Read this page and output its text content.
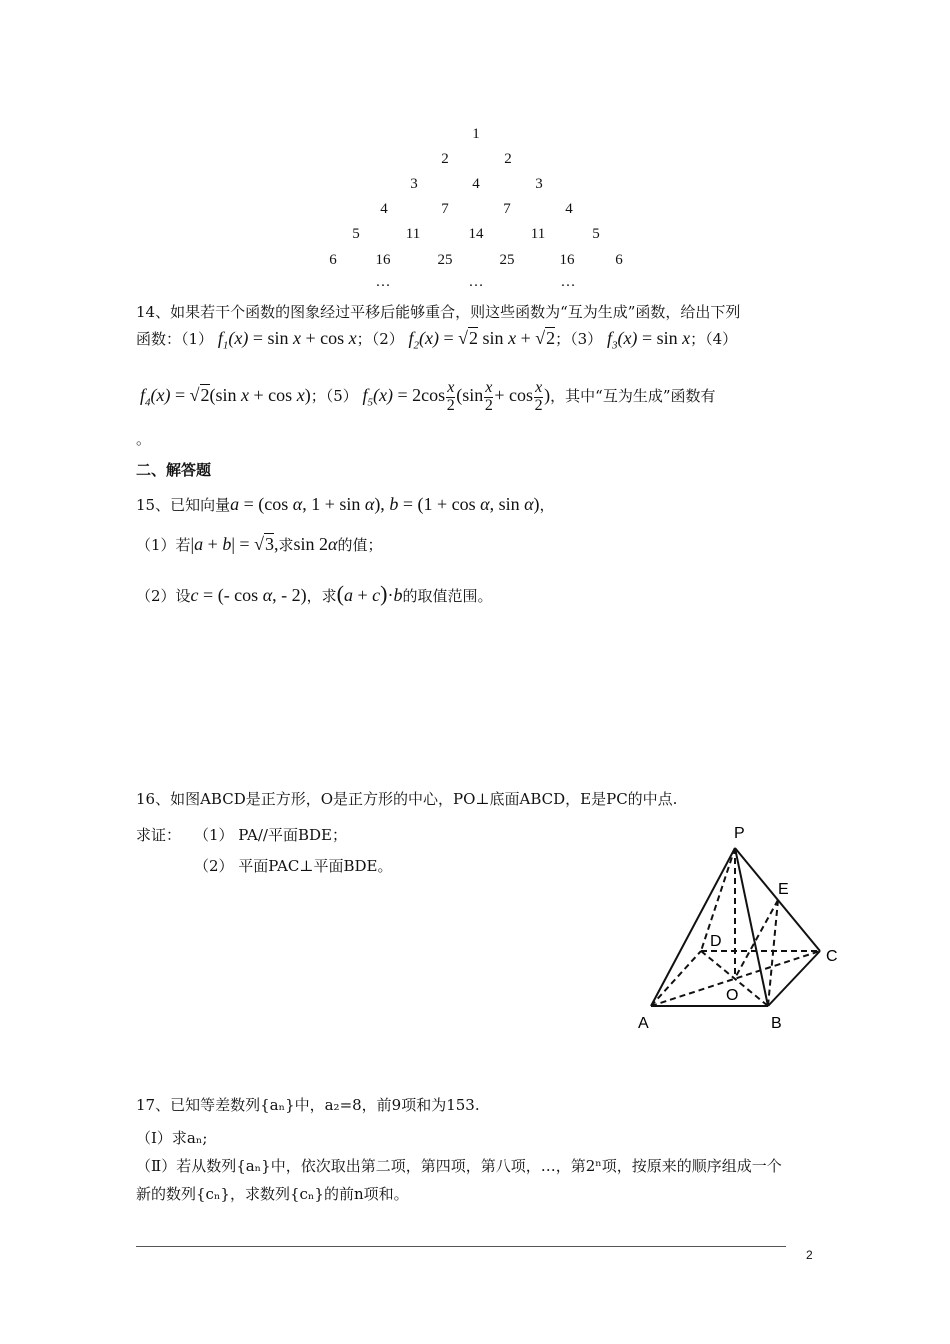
1
2	2
3	4	3
4	7	7	4
5	11	14	11	5
6	16	25	25	16	6
…	…	…
14、如果若干个函数的图象经过平移后能够重合，则这些函数为“互为生成”函数，给出下列
函数：（1） $f_1(x) = \sin x + \cos x$；（2） $f_2(x) = √2$ sin x + √2；（3） $f_3(x) = \sin x$；（4）
$f_4(x) = √2(\sin$ x + cos x)；（5） $f_5(x) = 2\cos \frac{x}{2} (\sin \frac{x}{2} + \cos \frac{x}{2}$ )，其中“互为生成”函数有
。
二、解答题
15、已知向量a = (cos α, 1 + sin α), b = (1 + cos α, sin α)，
（1）若|a + b| = √3,求sin 2α的值；
（2）设c = (- cos α, - 2)，求(a + c)·b的取值范围。
16、如图ABCD是正方形，O是正方形的中心，PO⊥底面ABCD，E是PC的中点.
求证： （1） PA//平面BDE；
（2） 平面PAC⊥平面BDE。
P
E
D
C
O
A	B
17、已知等差数列{aₙ}中，a₂=8，前9项和为153.
（Ⅰ）求aₙ;
（Ⅱ）若从数列{aₙ}中，依次取出第二项，第四项，第八项，…，第2ⁿ项，按原来的顺序组成一个
新的数列{cₙ}，求数列{cₙ}的前n项和。
2
